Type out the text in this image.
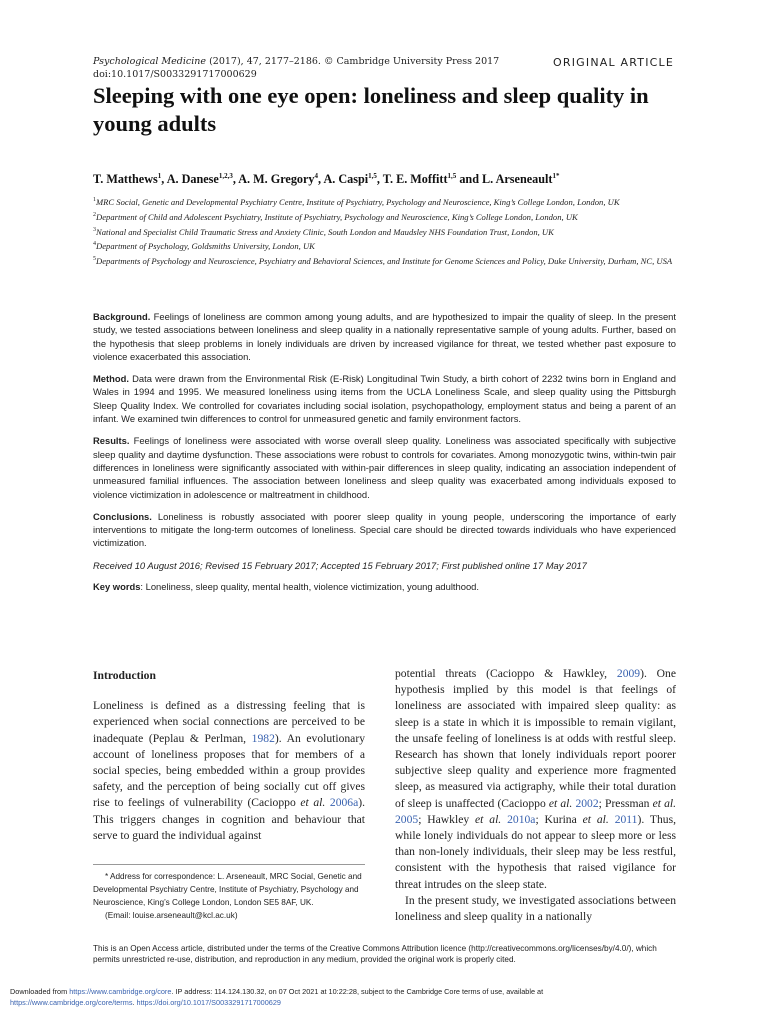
Psychological Medicine (2017), 47, 2177–2186. © Cambridge University Press 2017
doi:10.1017/S0033291717000629
ORIGINAL ARTICLE
Sleeping with one eye open: loneliness and sleep quality in young adults
T. Matthews$^1$, A. Danese$^{1,2,3}$, A. M. Gregory$^4$, A. Caspi$^{1,5}$, T. E. Moffitt$^{1,5}$ and L. Arseneault$^{1*}$
$^1$MRC Social, Genetic and Developmental Psychiatry Centre, Institute of Psychiatry, Psychology and Neuroscience, King’s College London, London, UK
$^2$Department of Child and Adolescent Psychiatry, Institute of Psychiatry, Psychology and Neuroscience, King’s College London, London, UK
$^3$National and Specialist Child Traumatic Stress and Anxiety Clinic, South London and Maudsley NHS Foundation Trust, London, UK
$^4$Department of Psychology, Goldsmiths University, London, UK
$^5$Departments of Psychology and Neuroscience, Psychiatry and Behavioral Sciences, and Institute for Genome Sciences and Policy, Duke University, Durham, NC, USA

Background. Feelings of loneliness are common among young adults, and are hypothesized to impair the quality of sleep. In the present study, we tested associations between loneliness and sleep quality in a nationally representative sample of young adults. Further, based on the hypothesis that sleep problems in lonely individuals are driven by increased vigilance for threat, we tested whether past exposure to violence exacerbated this association.

Method. Data were drawn from the Environmental Risk (E-Risk) Longitudinal Twin Study, a birth cohort of 2232 twins born in England and Wales in 1994 and 1995. We measured loneliness using items from the UCLA Loneliness Scale, and sleep quality using the Pittsburgh Sleep Quality Index. We controlled for covariates including social isolation, psychopathology, employment status and being a parent of an infant. We examined twin differences to control for unmeasured genetic and family environment factors.

Results. Feelings of loneliness were associated with worse overall sleep quality. Loneliness was associated specifically with subjective sleep quality and daytime dysfunction. These associations were robust to controls for covariates. Among monozygotic twins, within-twin pair differences in loneliness were significantly associated with within-pair differences in sleep quality, indicating an association independent of unmeasured familial influences. The association between loneliness and sleep quality was exacerbated among individuals exposed to violence victimization in adolescence or maltreatment in childhood.

Conclusions. Loneliness is robustly associated with poorer sleep quality in young people, underscoring the importance of early interventions to mitigate the long-term outcomes of loneliness. Special care should be directed towards individuals who have experienced victimization.

Received 10 August 2016; Revised 15 February 2017; Accepted 15 February 2017; First published online 17 May 2017

Key words: Loneliness, sleep quality, mental health, violence victimization, young adulthood.

Introduction

Loneliness is defined as a distressing feeling that is experienced when social connections are perceived to be inadequate (Peplau & Perlman, 1982). An evolutionary account of loneliness proposes that for members of a social species, being embedded within a group provides safety, and the perception of being socially cut off gives rise to feelings of vulnerability (Cacioppo et al. 2006a). This triggers changes in cognition and behaviour that serve to guard the individual against

potential threats (Cacioppo & Hawkley, 2009). One hypothesis implied by this model is that feelings of loneliness are associated with impaired sleep quality: as sleep is a state in which it is impossible to remain vigilant, the unsafe feeling of loneliness is at odds with restful sleep. Research has shown that lonely individuals report poorer subjective sleep quality and experience more fragmented sleep, as measured via actigraphy, while their total duration of sleep is unaffected (Cacioppo et al. 2002; Pressman et al. 2005; Hawkley et al. 2010a; Kurina et al. 2011). Thus, while lonely individuals do not appear to sleep more or less than non-lonely individuals, their sleep may be less restful, consistent with the hypothesis that raised vigilance for threat intrudes on the sleep state.

In the present study, we investigated associations between loneliness and sleep quality in a nationally

* Address for correspondence: L. Arseneault, MRC Social, Genetic and Developmental Psychiatry Centre, Institute of Psychiatry, Psychology and Neuroscience, King’s College London, London SE5 8AF, UK.
(Email: louise.arseneault@kcl.ac.uk)
This is an Open Access article, distributed under the terms of the Creative Commons Attribution licence (http://creativecommons.org/licenses/by/4.0/), which permits unrestricted re-use, distribution, and reproduction in any medium, provided the original work is properly cited.
Downloaded from https://www.cambridge.org/core. IP address: 114.124.130.32, on 07 Oct 2021 at 10:22:28, subject to the Cambridge Core terms of use, available at
https://www.cambridge.org/core/terms. https://doi.org/10.1017/S0033291717000629
